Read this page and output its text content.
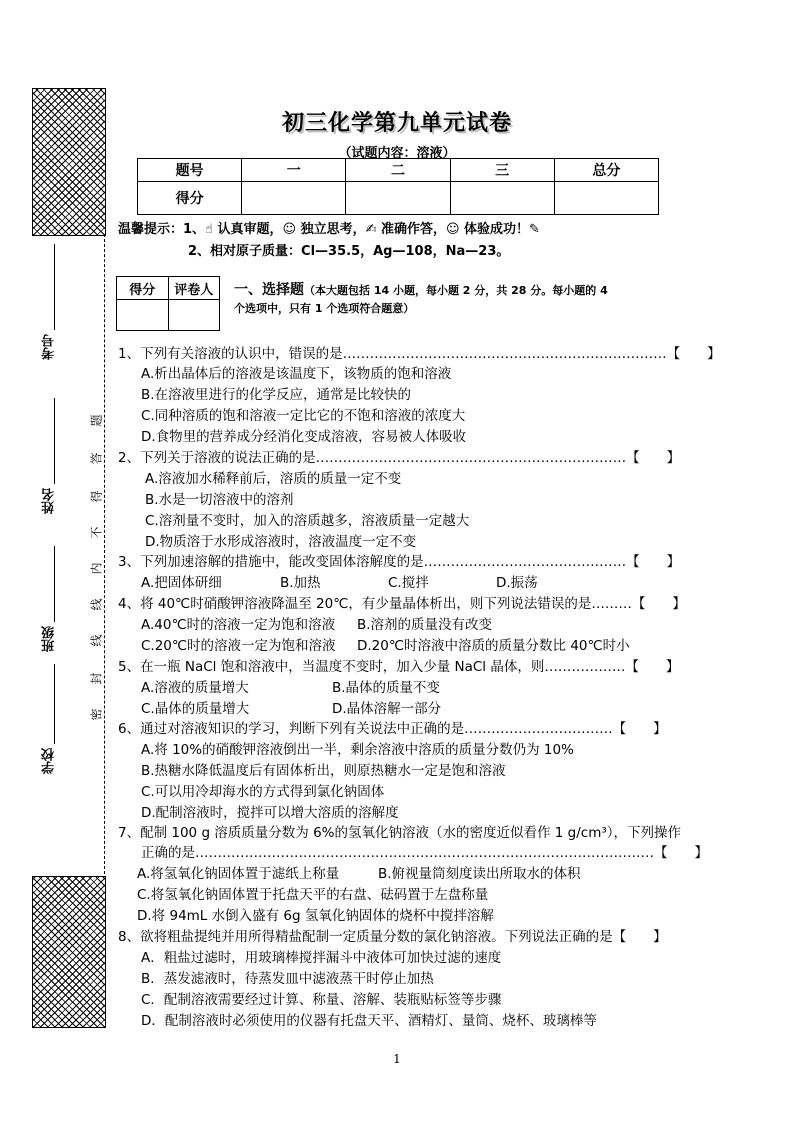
考号
姓名
班级
学校
题
答
得
不
内
线
线
封
密
初三化学第九单元试卷
（试题内容：溶液）
题号	一	二	三	总分
得分				
温馨提示：1、☝ 认真审题，☺ 独立思考，✍ 准确作答，☺ 体验成功！✎
2、相对原子质量：Cl—35.5，Ag—108，Na—23。
得分	评卷人
	一、选择题（本大题包括 14 小题，每小题 2 分，共 28 分。每小题的 4
个选项中，只有 1 个选项符合题意）
1、下列有关溶液的认识中，错误的是………………………………………………………………【　　】
A.析出晶体后的溶液是该温度下，该物质的饱和溶液
B.在溶液里进行的化学反应，通常是比较快的
C.同种溶质的饱和溶液一定比它的不饱和溶液的浓度大
D.食物里的营养成分经消化变成溶液，容易被人体吸收
2、下列关于溶液的说法正确的是……………………………………………………………【　　】
A.溶液加水稀释前后，溶质的质量一定不变
B.水是一切溶液中的溶剂
C.溶剂量不变时，加入的溶质越多，溶液质量一定越大
D.物质溶于水形成溶液时，溶液温度一定不变
3、下列加速溶解的措施中，能改变固体溶解度的是………………………………………【　　】
A.把固体研细	B.加热	C.搅拌	D.振荡
4、将 40℃时硝酸钾溶液降温至 20℃，有少量晶体析出，则下列说法错误的是………【　　】
A.40℃时的溶液一定为饱和溶液 B.溶剂的质量没有改变
C.20℃时的溶液一定为饱和溶液 D.20℃时溶液中溶质的质量分数比 40℃时小
5、在一瓶 NaCl 饱和溶液中，当温度不变时，加入少量 NaCl 晶体，则………………【　　】
A.溶液的质量增大	B.晶体的质量不变
C.晶体的质量增大	D.晶体溶解一部分
6、通过对溶液知识的学习，判断下列有关说法中正确的是……………………………【　　】
A.将 10%的硝酸钾溶液倒出一半，剩余溶液中溶质的质量分数仍为 10%
B.热糖水降低温度后有固体析出，则原热糖水一定是饱和溶液
C.可以用冷却海水的方式得到氯化钠固体
D.配制溶液时，搅拌可以增大溶质的溶解度
7、配制 100 g 溶质质量分数为 6%的氢氧化钠溶液（水的密度近似看作 1 g/cm³），下列操作
正确的是…………………………………………………………………………………………【　　】
A.将氢氧化钠固体置于滤纸上称量	B.俯视量筒刻度读出所取水的体积
C.将氢氧化钠固体置于托盘天平的右盘、砝码置于左盘称量
D.将 94mL 水倒入盛有 6g 氢氧化钠固体的烧杯中搅拌溶解
8、欲将粗盐提纯并用所得精盐配制一定质量分数的氯化钠溶液。下列说法正确的是【　　】
A．粗盐过滤时，用玻璃棒搅拌漏斗中液体可加快过滤的速度
B．蒸发滤液时，待蒸发皿中滤液蒸干时停止加热
C．配制溶液需要经过计算、称量、溶解、装瓶贴标签等步骤
D．配制溶液时必须使用的仪器有托盘天平、酒精灯、量筒、烧杯、玻璃棒等
1
